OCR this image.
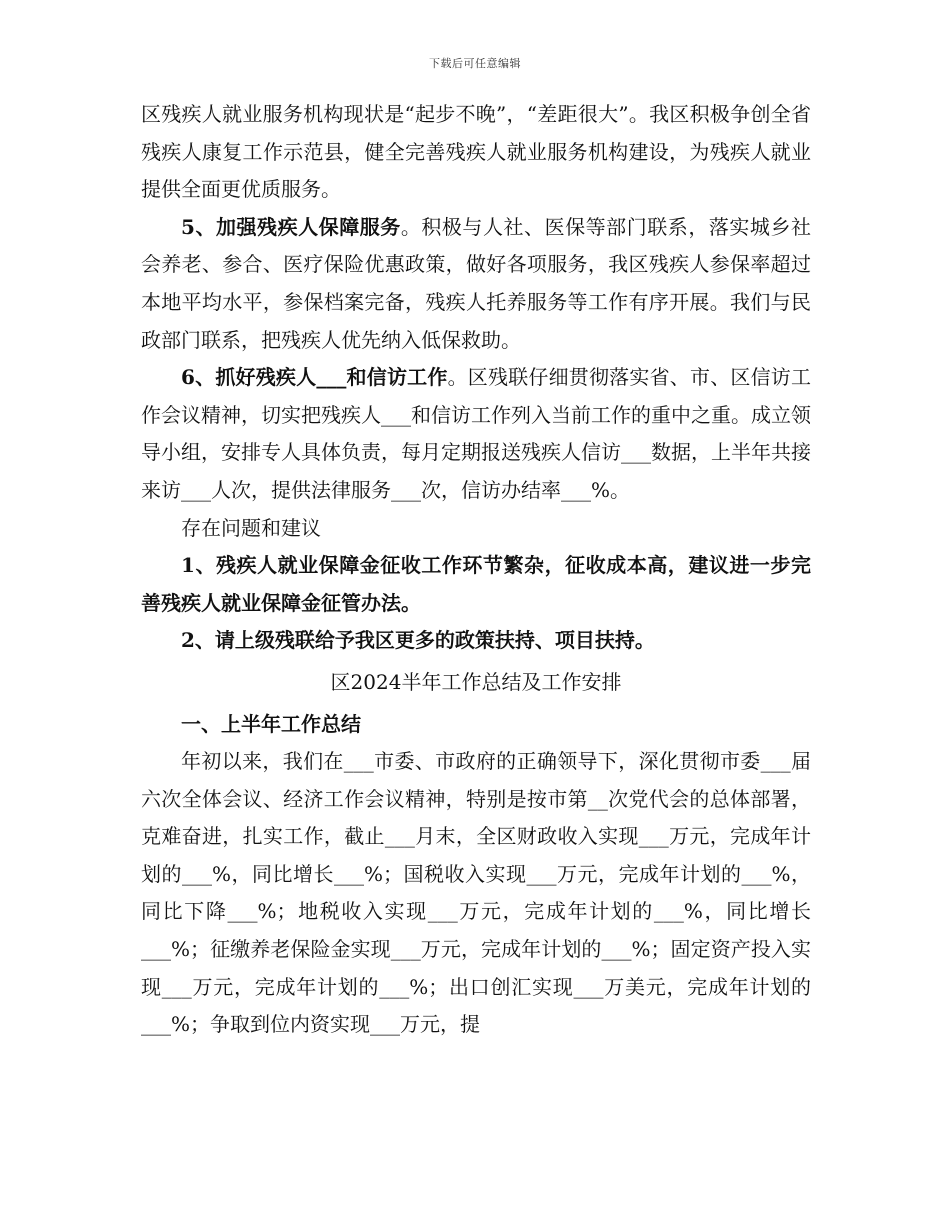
下载后可任意编辑

区残疾人就业服务机构现状是“起步不晚”，“差距很大”。我区积极争创全省残疾人康复工作示范县，健全完善残疾人就业服务机构建设，为残疾人就业提供全面更优质服务。

5、加强残疾人保障服务。积极与人社、医保等部门联系，落实城乡社会养老、参合、医疗保险优惠政策，做好各项服务，我区残疾人参保率超过本地平均水平，参保档案完备，残疾人托养服务等工作有序开展。我们与民政部门联系，把残疾人优先纳入低保救助。

6、抓好残疾人___和信访工作。区残联仔细贯彻落实省、市、区信访工作会议精神，切实把残疾人___和信访工作列入当前工作的重中之重。成立领导小组，安排专人具体负责，每月定期报送残疾人信访___数据，上半年共接来访___人次，提供法律服务___次，信访办结率___%。

存在问题和建议

1、残疾人就业保障金征收工作环节繁杂，征收成本高，建议进一步完善残疾人就业保障金征管办法。

2、请上级残联给予我区更多的政策扶持、项目扶持。

区2024半年工作总结及工作安排

一、上半年工作总结

年初以来，我们在___市委、市政府的正确领导下，深化贯彻市委___届六次全体会议、经济工作会议精神，特别是按市第__次党代会的总体部署，克难奋进，扎实工作，截止___月末，全区财政收入实现___万元，完成年计划的___%，同比增长___%；国税收入实现___万元，完成年计划的___%，同比下降___%；地税收入实现___万元，完成年计划的___%，同比增长___%；征缴养老保险金实现___万元，完成年计划的___%；固定资产投入实现___万元，完成年计划的___%；出口创汇实现___万美元，完成年计划的___%；争取到位内资实现___万元，提
